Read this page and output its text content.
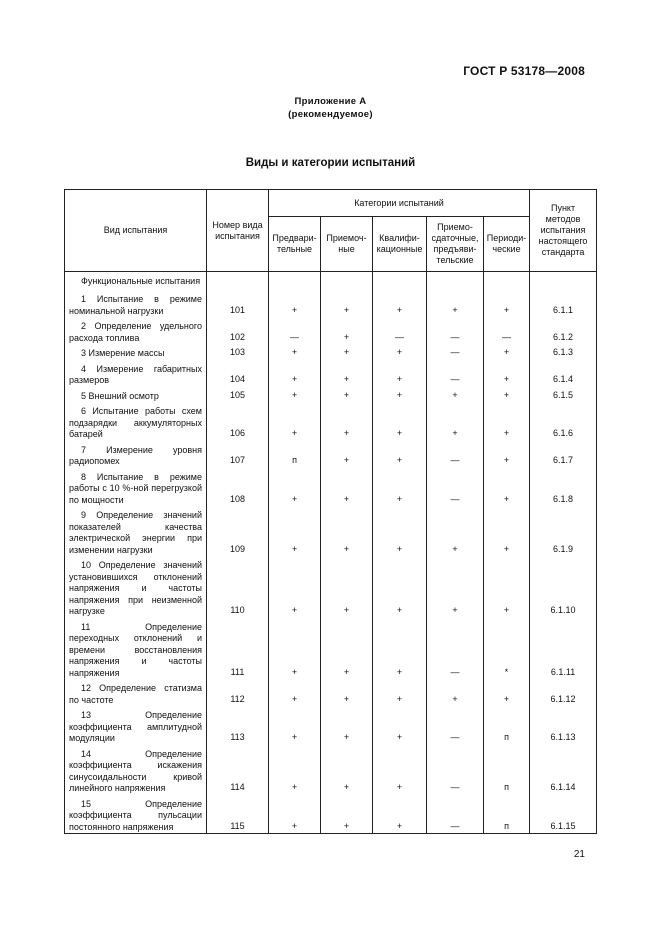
ГОСТ Р 53178—2008
Приложение А
(рекомендуемое)
Виды и категории испытаний
Вид испытания	Номер вида испытания	Категории испытаний					Пункт методов испытания настоящего стандарта
		Предвари-тельные	Приемоч-ные	Квалифи-кационные	Приемо-сдаточные, предъяви-тельские	Периоди-ческие	

Функциональные испытания							

1 Испытание в режиме номинальной нагрузки	101	+	+	+	+	+	6.1.1

2 Определение удельного расхода топлива	102	—	+	—	—	—	6.1.2

3 Измерение массы	103	+	+	+	—	+	6.1.3

4 Измерение габаритных размеров	104	+	+	+	—	+	6.1.4

5 Внешний осмотр	105	+	+	+	+	+	6.1.5

6 Испытание работы схем подзарядки аккумуляторных батарей	106	+	+	+	+	+	6.1.6

7 Измерение уровня радиопомех	107	п	+	+	—	+	6.1.7

8 Испытание в режиме работы с 10 %-ной перегрузкой по мощности	108	+	+	+	—	+	6.1.8

9 Определение значений показателей качества электрической энергии при изменении нагрузки	109	+	+	+	+	+	6.1.9

10 Определение значений установившихся отклонений напряжения и частоты напряжения при неизменной нагрузке	110	+	+	+	+	+	6.1.10

11 Определение переходных отклонений и времени восстановления напряжения и частоты напряжения	111	+	+	+	—	*	6.1.11

12 Определение статизма по частоте	112	+	+	+	+	+	6.1.12

13 Определение коэффициента амплитудной модуляции	113	+	+	+	—	п	6.1.13

14 Определение коэффициента искажения синусоидальности кривой линейного напряжения	114	+	+	+	—	п	6.1.14

15 Определение коэффициента пульсации постоянного напряжения	115	+	+	+	—	п	6.1.15
21
